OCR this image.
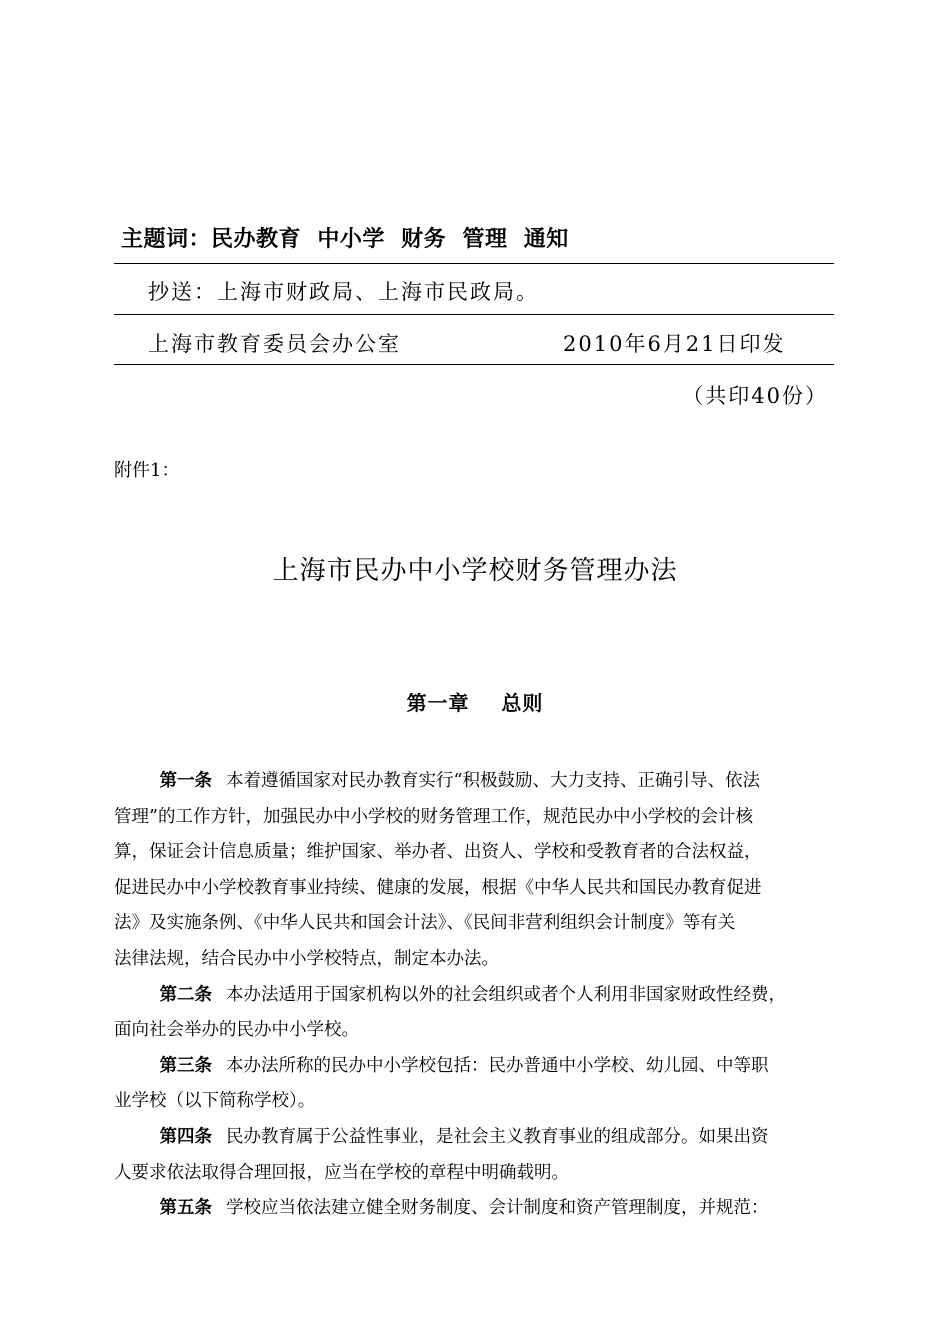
主题词：民办教育  中小学  财务  管理  通知
抄送：上海市财政局、上海市民政局。
上海市教育委员会办公室	2010年6月21日印发
（共印40份）
附件1：
上海市民办中小学校财务管理办法
第一章    总则

第一条 本着遵循国家对民办教育实行“积极鼓励、大力支持、正确引导、依法
管理”的工作方针，加强民办中小学校的财务管理工作，规范民办中小学校的会计核
算，保证会计信息质量；维护国家、举办者、出资人、学校和受教育者的合法权益，
促进民办中小学校教育事业持续、健康的发展，根据《中华人民共和国民办教育促进
法》及实施条例、《中华人民共和国会计法》、《民间非营利组织会计制度》等有关
法律法规，结合民办中小学校特点，制定本办法。

第二条 本办法适用于国家机构以外的社会组织或者个人利用非国家财政性经费，
面向社会举办的民办中小学校。

第三条 本办法所称的民办中小学校包括：民办普通中小学校、幼儿园、中等职
业学校（以下简称学校）。

第四条 民办教育属于公益性事业，是社会主义教育事业的组成部分。如果出资
人要求依法取得合理回报，应当在学校的章程中明确载明。

第五条 学校应当依法建立健全财务制度、会计制度和资产管理制度，并规范：
